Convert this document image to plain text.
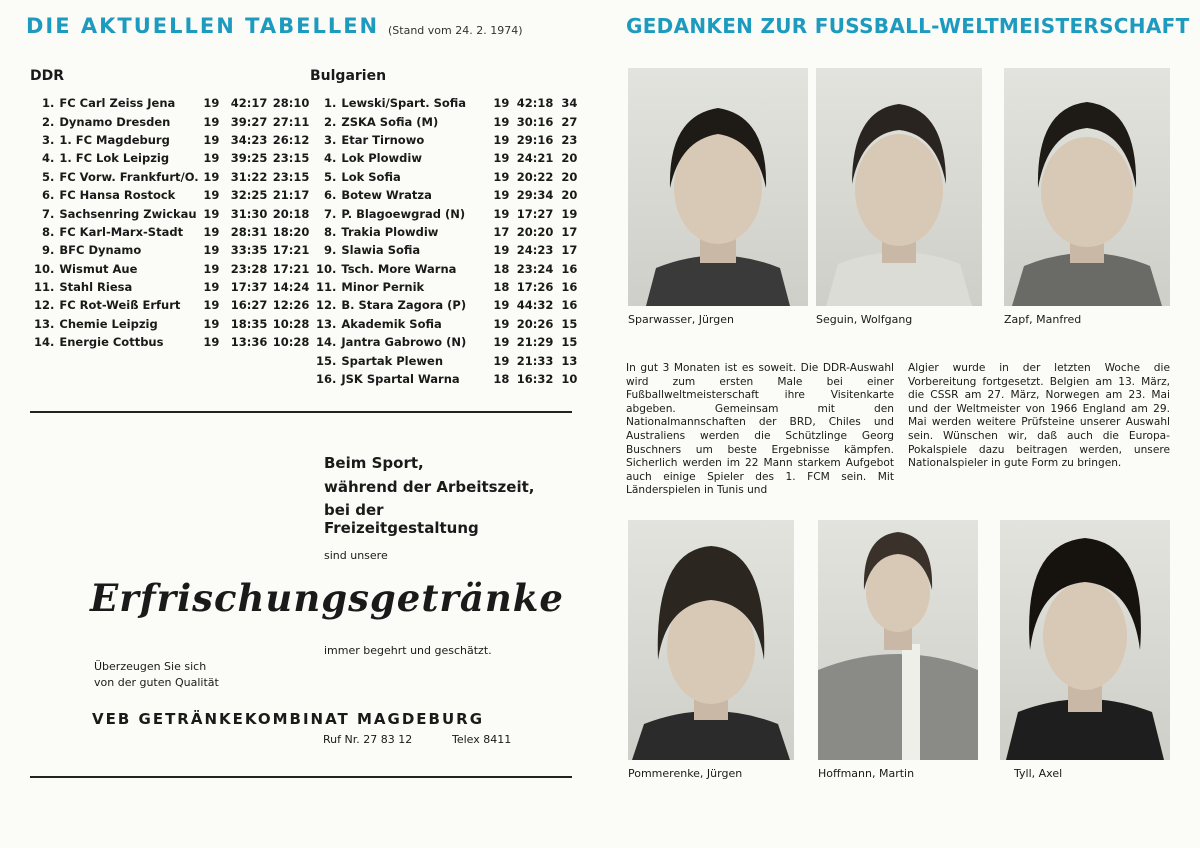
DIE AKTUELLEN TABELLEN (Stand vom 24. 2. 1974)	GEDANKEN ZUR FUSSBALL-WELTMEISTERSCHAFT
DDR
1.	FC Carl Zeiss Jena	19	42:17	28:10
2.	Dynamo Dresden	19	39:27	27:11
3.	1. FC Magdeburg	19	34:23	26:12
4.	1. FC Lok Leipzig	19	39:25	23:15
5.	FC Vorw. Frankfurt/O.	19	31:22	23:15
6.	FC Hansa Rostock	19	32:25	21:17
7.	Sachsenring Zwickau	19	31:30	20:18
8.	FC Karl-Marx-Stadt	19	28:31	18:20
9.	BFC Dynamo	19	33:35	17:21
10.	Wismut Aue	19	23:28	17:21
11.	Stahl Riesa	19	17:37	14:24
12.	FC Rot-Weiß Erfurt	19	16:27	12:26
13.	Chemie Leipzig	19	18:35	10:28
14.	Energie Cottbus	19	13:36	10:28
Bulgarien
1.	Lewski/Spart. Sofia	19	42:18	34
2.	ZSKA Sofia (M)	19	30:16	27
3.	Etar Tirnowo	19	29:16	23
4.	Lok Plowdiw	19	24:21	20
5.	Lok Sofia	19	20:22	20
6.	Botew Wratza	19	29:34	20
7.	P. Blagoewgrad (N)	19	17:27	19
8.	Trakia Plowdiw	17	20:20	17
9.	Slawia Sofia	19	24:23	17
10.	Tsch. More Warna	18	23:24	16
11.	Minor Pernik	18	17:26	16
12.	B. Stara Zagora (P)	19	44:32	16
13.	Akademik Sofia	19	20:26	15
14.	Jantra Gabrowo (N)	19	21:29	15
15.	Spartak Plewen	19	21:33	13
16.	JSK Spartal Warna	18	16:32	10
Beim Sport,
während der Arbeitszeit,
bei der
Freizeitgestaltung
sind unsere
Erfrischungsgetränke
immer begehrt und geschätzt.
Überzeugen Sie sich
von der guten Qualität
VEB GETRÄNKEKOMBINAT MAGDEBURG
Ruf Nr. 27 83 12	Telex 8411
Sparwasser, Jürgen	Seguin, Wolfgang	Zapf, Manfred
Pommerenke, Jürgen	Hoffmann, Martin	Tyll, Axel

In gut 3 Monaten ist es soweit. Die DDR-Auswahl wird zum ersten Male bei einer Fußballweltmeisterschaft ihre Visitenkarte abgeben. Gemeinsam mit den Nationalmannschaften der BRD, Chiles und Australiens werden die Schützlinge Georg Buschners um beste Ergebnisse kämpfen. Sicherlich werden im 22 Mann starkem Aufgebot auch einige Spieler des 1. FCM sein. Mit Länderspielen in Tunis und

Algier wurde in der letzten Woche die Vorbereitung fortgesetzt. Belgien am 13. März, die CSSR am 27. März, Norwegen am 23. Mai und der Weltmeister von 1966 England am 29. Mai werden weitere Prüfsteine unserer Auswahl sein. Wünschen wir, daß auch die Europa-Pokalspiele dazu beitragen werden, unsere Nationalspieler in gute Form zu bringen.
